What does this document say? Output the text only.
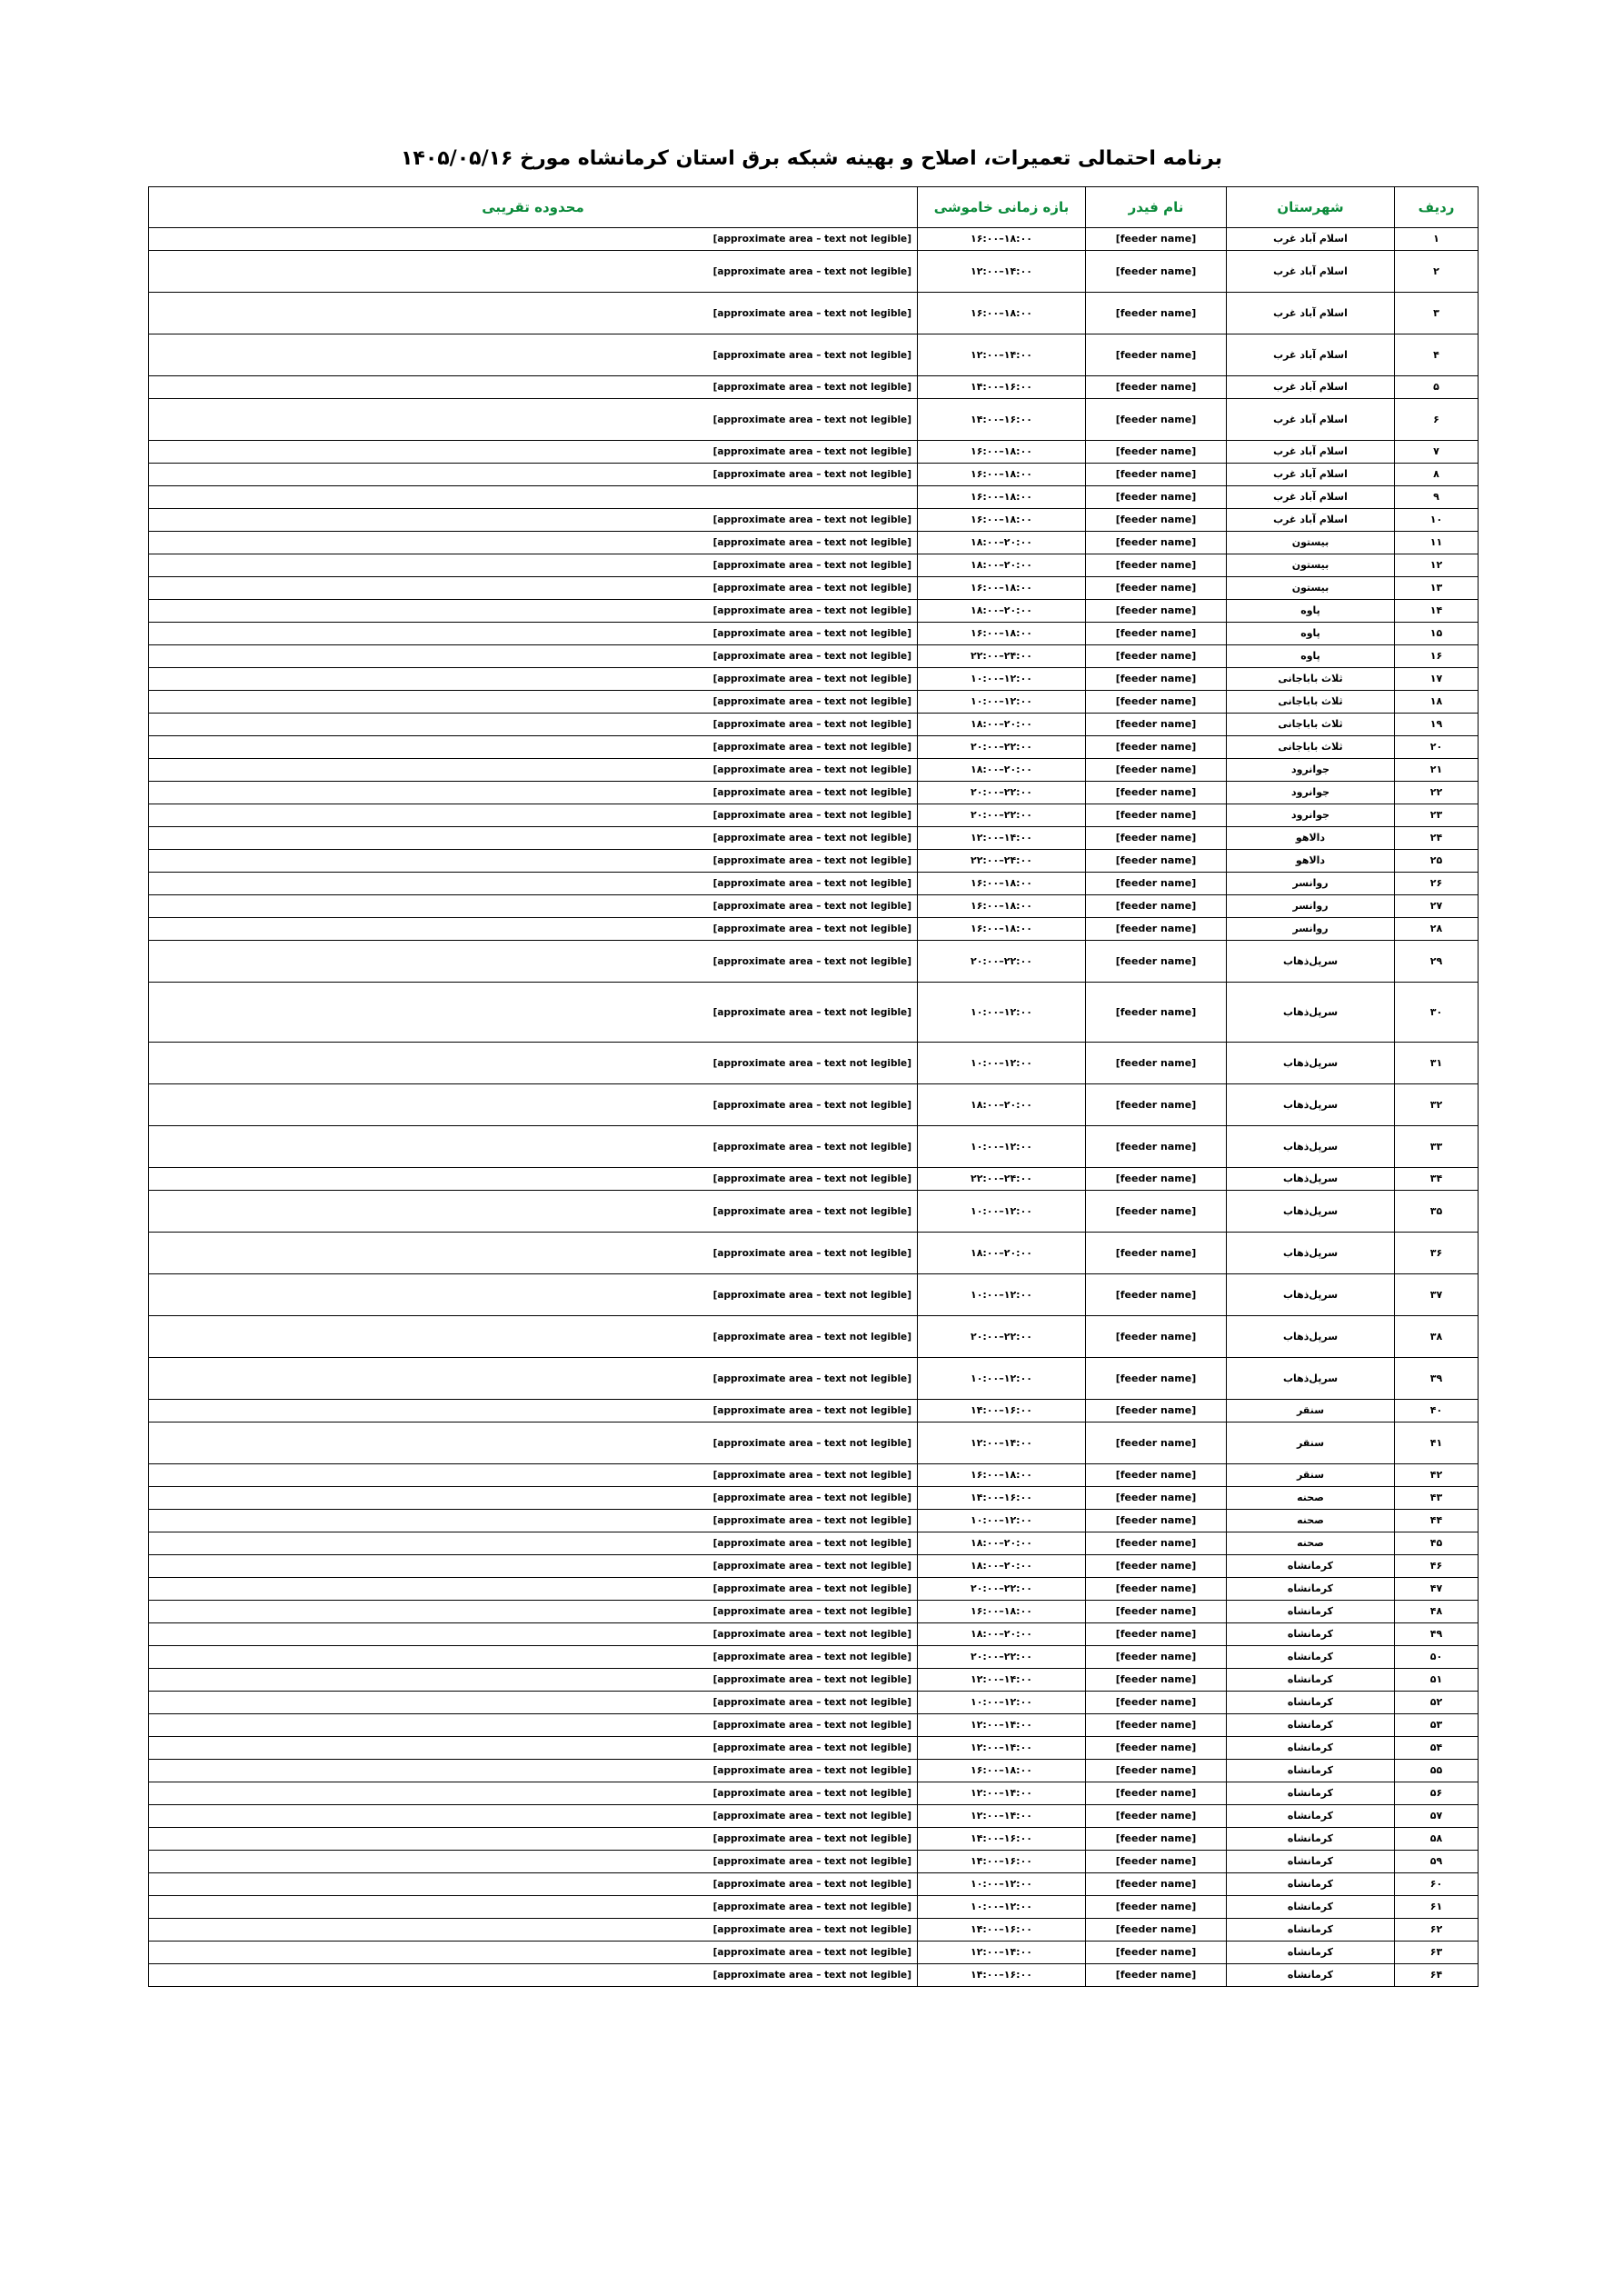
برنامه احتمالی تعمیرات، اصلاح و بهینه شبکه برق استان کرمانشاه مورخ ۱۴۰۵/۰۵/۱۶
ردیف	شهرستان	نام فیدر	بازه زمانی خاموشی	محدوده تقریبی
۱	اسلام آباد غرب	[feeder name]	۱۶:۰۰–۱۸:۰۰	[approximate area – text not legible]
۲	اسلام آباد غرب	[feeder name]	۱۲:۰۰–۱۴:۰۰	[approximate area – text not legible]
۳	اسلام آباد غرب	[feeder name]	۱۶:۰۰–۱۸:۰۰	[approximate area – text not legible]
۴	اسلام آباد غرب	[feeder name]	۱۲:۰۰–۱۴:۰۰	[approximate area – text not legible]
۵	اسلام آباد غرب	[feeder name]	۱۴:۰۰–۱۶:۰۰	[approximate area – text not legible]
۶	اسلام آباد غرب	[feeder name]	۱۴:۰۰–۱۶:۰۰	[approximate area – text not legible]
۷	اسلام آباد غرب	[feeder name]	۱۶:۰۰–۱۸:۰۰	[approximate area – text not legible]
۸	اسلام آباد غرب	[feeder name]	۱۶:۰۰–۱۸:۰۰	[approximate area – text not legible]
۹	اسلام آباد غرب	[feeder name]	۱۶:۰۰–۱۸:۰۰	
۱۰	اسلام آباد غرب	[feeder name]	۱۶:۰۰–۱۸:۰۰	[approximate area – text not legible]
۱۱	بیستون	[feeder name]	۱۸:۰۰–۲۰:۰۰	[approximate area – text not legible]
۱۲	بیستون	[feeder name]	۱۸:۰۰–۲۰:۰۰	[approximate area – text not legible]
۱۳	بیستون	[feeder name]	۱۶:۰۰–۱۸:۰۰	[approximate area – text not legible]
۱۴	پاوه	[feeder name]	۱۸:۰۰–۲۰:۰۰	[approximate area – text not legible]
۱۵	پاوه	[feeder name]	۱۶:۰۰–۱۸:۰۰	[approximate area – text not legible]
۱۶	پاوه	[feeder name]	۲۲:۰۰–۲۴:۰۰	[approximate area – text not legible]
۱۷	ثلاث باباجانی	[feeder name]	۱۰:۰۰–۱۲:۰۰	[approximate area – text not legible]
۱۸	ثلاث باباجانی	[feeder name]	۱۰:۰۰–۱۲:۰۰	[approximate area – text not legible]
۱۹	ثلاث باباجانی	[feeder name]	۱۸:۰۰–۲۰:۰۰	[approximate area – text not legible]
۲۰	ثلاث باباجانی	[feeder name]	۲۰:۰۰–۲۲:۰۰	[approximate area – text not legible]
۲۱	جوانرود	[feeder name]	۱۸:۰۰–۲۰:۰۰	[approximate area – text not legible]
۲۲	جوانرود	[feeder name]	۲۰:۰۰–۲۲:۰۰	[approximate area – text not legible]
۲۳	جوانرود	[feeder name]	۲۰:۰۰–۲۲:۰۰	[approximate area – text not legible]
۲۴	دالاهو	[feeder name]	۱۲:۰۰–۱۴:۰۰	[approximate area – text not legible]
۲۵	دالاهو	[feeder name]	۲۲:۰۰–۲۴:۰۰	[approximate area – text not legible]
۲۶	روانسر	[feeder name]	۱۶:۰۰–۱۸:۰۰	[approximate area – text not legible]
۲۷	روانسر	[feeder name]	۱۶:۰۰–۱۸:۰۰	[approximate area – text not legible]
۲۸	روانسر	[feeder name]	۱۶:۰۰–۱۸:۰۰	[approximate area – text not legible]
۲۹	سرپل‌ذهاب	[feeder name]	۲۰:۰۰–۲۲:۰۰	[approximate area – text not legible]
۳۰	سرپل‌ذهاب	[feeder name]	۱۰:۰۰–۱۲:۰۰	[approximate area – text not legible]
۳۱	سرپل‌ذهاب	[feeder name]	۱۰:۰۰–۱۲:۰۰	[approximate area – text not legible]
۳۲	سرپل‌ذهاب	[feeder name]	۱۸:۰۰–۲۰:۰۰	[approximate area – text not legible]
۳۳	سرپل‌ذهاب	[feeder name]	۱۰:۰۰–۱۲:۰۰	[approximate area – text not legible]
۳۴	سرپل‌ذهاب	[feeder name]	۲۲:۰۰–۲۴:۰۰	[approximate area – text not legible]
۳۵	سرپل‌ذهاب	[feeder name]	۱۰:۰۰–۱۲:۰۰	[approximate area – text not legible]
۳۶	سرپل‌ذهاب	[feeder name]	۱۸:۰۰–۲۰:۰۰	[approximate area – text not legible]
۳۷	سرپل‌ذهاب	[feeder name]	۱۰:۰۰–۱۲:۰۰	[approximate area – text not legible]
۳۸	سرپل‌ذهاب	[feeder name]	۲۰:۰۰–۲۲:۰۰	[approximate area – text not legible]
۳۹	سرپل‌ذهاب	[feeder name]	۱۰:۰۰–۱۲:۰۰	[approximate area – text not legible]
۴۰	سنقر	[feeder name]	۱۴:۰۰–۱۶:۰۰	[approximate area – text not legible]
۴۱	سنقر	[feeder name]	۱۲:۰۰–۱۴:۰۰	[approximate area – text not legible]
۴۲	سنقر	[feeder name]	۱۶:۰۰–۱۸:۰۰	[approximate area – text not legible]
۴۳	صحنه	[feeder name]	۱۴:۰۰–۱۶:۰۰	[approximate area – text not legible]
۴۴	صحنه	[feeder name]	۱۰:۰۰–۱۲:۰۰	[approximate area – text not legible]
۴۵	صحنه	[feeder name]	۱۸:۰۰–۲۰:۰۰	[approximate area – text not legible]
۴۶	کرمانشاه	[feeder name]	۱۸:۰۰–۲۰:۰۰	[approximate area – text not legible]
۴۷	کرمانشاه	[feeder name]	۲۰:۰۰–۲۲:۰۰	[approximate area – text not legible]
۴۸	کرمانشاه	[feeder name]	۱۶:۰۰–۱۸:۰۰	[approximate area – text not legible]
۴۹	کرمانشاه	[feeder name]	۱۸:۰۰–۲۰:۰۰	[approximate area – text not legible]
۵۰	کرمانشاه	[feeder name]	۲۰:۰۰–۲۲:۰۰	[approximate area – text not legible]
۵۱	کرمانشاه	[feeder name]	۱۲:۰۰–۱۴:۰۰	[approximate area – text not legible]
۵۲	کرمانشاه	[feeder name]	۱۰:۰۰–۱۲:۰۰	[approximate area – text not legible]
۵۳	کرمانشاه	[feeder name]	۱۲:۰۰–۱۴:۰۰	[approximate area – text not legible]
۵۴	کرمانشاه	[feeder name]	۱۲:۰۰–۱۴:۰۰	[approximate area – text not legible]
۵۵	کرمانشاه	[feeder name]	۱۶:۰۰–۱۸:۰۰	[approximate area – text not legible]
۵۶	کرمانشاه	[feeder name]	۱۲:۰۰–۱۴:۰۰	[approximate area – text not legible]
۵۷	کرمانشاه	[feeder name]	۱۲:۰۰–۱۴:۰۰	[approximate area – text not legible]
۵۸	کرمانشاه	[feeder name]	۱۴:۰۰–۱۶:۰۰	[approximate area – text not legible]
۵۹	کرمانشاه	[feeder name]	۱۴:۰۰–۱۶:۰۰	[approximate area – text not legible]
۶۰	کرمانشاه	[feeder name]	۱۰:۰۰–۱۲:۰۰	[approximate area – text not legible]
۶۱	کرمانشاه	[feeder name]	۱۰:۰۰–۱۲:۰۰	[approximate area – text not legible]
۶۲	کرمانشاه	[feeder name]	۱۴:۰۰–۱۶:۰۰	[approximate area – text not legible]
۶۳	کرمانشاه	[feeder name]	۱۲:۰۰–۱۴:۰۰	[approximate area – text not legible]
۶۴	کرمانشاه	[feeder name]	۱۴:۰۰–۱۶:۰۰	[approximate area – text not legible]
